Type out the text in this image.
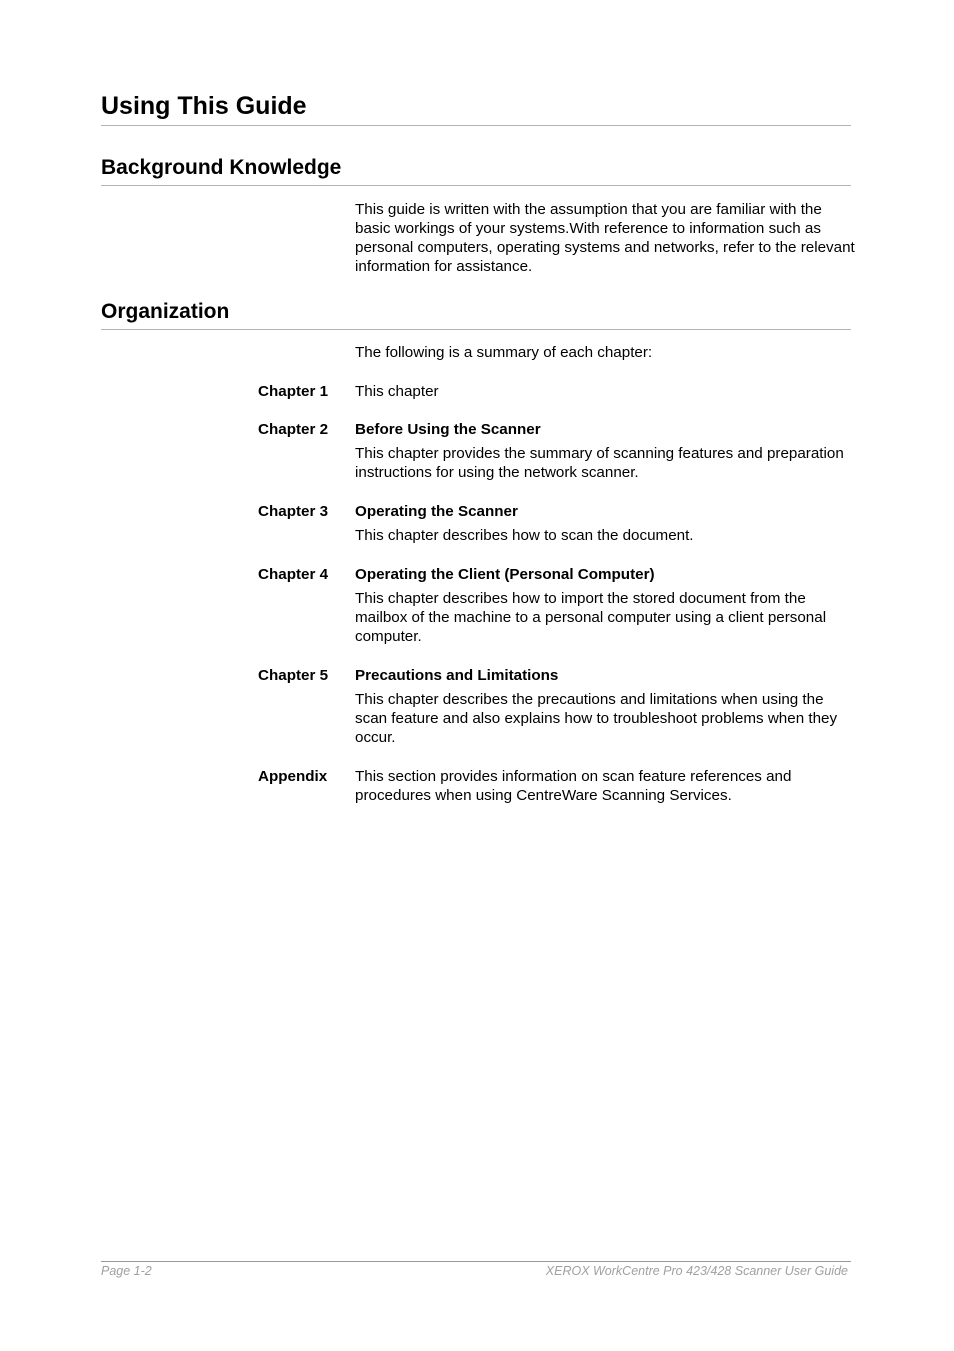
Using This Guide
Background Knowledge
This guide is written with the assumption that you are familiar with the basic workings of your systems.With reference to information such as personal computers, operating systems and networks, refer to the relevant information for assistance.
Organization
The following is a summary of each chapter:
Chapter 1	This chapter
Chapter 2	Before Using the Scanner
This chapter provides the summary of scanning features and preparation instructions for using the network scanner.
Chapter 3	Operating the Scanner
This chapter describes how to scan the document.
Chapter 4	Operating the Client (Personal Computer)
This chapter describes how to import the stored document from the mailbox of the machine to a personal computer using a client personal computer.
Chapter 5	Precautions and Limitations
This chapter describes the precautions and limitations when using the scan feature and also explains how to troubleshoot problems when they occur.
Appendix	This section provides information on scan feature references and procedures when using CentreWare Scanning Services.
Page 1-2	XEROX WorkCentre Pro 423/428 Scanner User Guide
